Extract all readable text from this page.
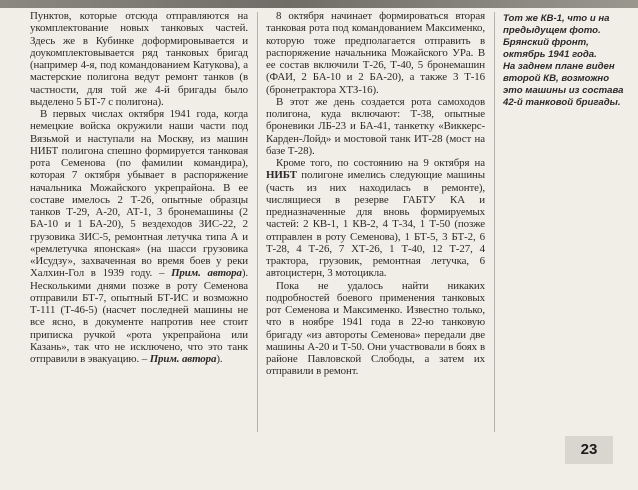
Пунктов, которые отсюда отправляются на укомплектование новых танковых частей. Здесь же в Кубинке доформировывается и доукомплектовывается ряд танковых бригад (например 4-я, под командованием Катукова), а мастерские полигона ведут ремонт танков (в частности, для той же 4-й бригады было выделено 5 БТ-7 с полигона).

В первых числах октября 1941 года, когда немецкие войска окружили наши части под Вязьмой и наступали на Москву, из машин НИБТ полигона спешно формируется танковая рота Семенова (по фамилии командира), которая 7 октября убывает в распоряжение начальника Можайского укрепрайона. В ее составе имелось 2 Т-26, опытные образцы танков Т-29, А-20, АТ-1, 3 бронемашины (2 БА-10 и 1 БА-20), 5 вездеходов ЗИС-22, 2 грузовика ЗИС-5, ремонтная летучка типа А и «ремлетучка японская» (на шасси грузовика «Исудзу», захваченная во время боев у реки Халхин-Гол в 1939 году. – Прим. автора). Несколькими днями позже в роту Семенова отправили БТ-7, опытный БТ-ИС и возможно Т-111 (Т-46-5) (насчет последней машины не все ясно, в документе напротив нее стоит приписка ручкой «рота укрепрайона или Казань», так что не исключено, что это танк отправили в эвакуацию. – Прим. автора).

8 октября начинает формироваться вторая танковая рота под командованием Максименко, которую тоже предполагается отправить в распоряжение начальника Можайского УРа. В ее состав включили Т-26, Т-40, 5 бронемашин (ФАИ, 2 БА-10 и 2 БА-20), а также 3 Т-16 (бронетрактора ХТЗ-16).

В этот же день создается рота самоходов полигона, куда включают: Т-38, опытные броневики ЛБ-23 и БА-41, танкетку «Виккерс-Карден-Лойд» и мостовой танк ИТ-28 (мост на базе Т-28).

Кроме того, по состоянию на 9 октября на НИБТ полигоне имелись следующие машины (часть из них находилась в ремонте), числящиеся в резерве ГАБТУ КА и предназначенные для вновь формируемых частей: 2 КВ-1, 1 КВ-2, 4 Т-34, 1 Т-50 (позже отправлен в роту Семенова), 1 БТ-5, 3 БТ-2, 6 Т-28, 4 Т-26, 7 ХТ-26, 1 Т-40, 12 Т-27, 4 трактора, грузовик, ремонтная летучка, 6 автоцистерн, 3 мотоцикла.

Пока не удалось найти никаких подробностей боевого применения танковых рот Семенова и Максименко. Известно только, что в ноябре 1941 года в 22-ю танковую бригаду «из автороты Семенова» передали две машины А-20 и Т-50. Они участвовали в боях в районе Павловской Слободы, а затем их отправили в ремонт.

Тот же КВ-1, что и на предыдущем фото. Брянский фронт, октябрь 1941 года.

На заднем плане виден второй КВ, возможно это машины из состава 42-й танковой бригады.

23
